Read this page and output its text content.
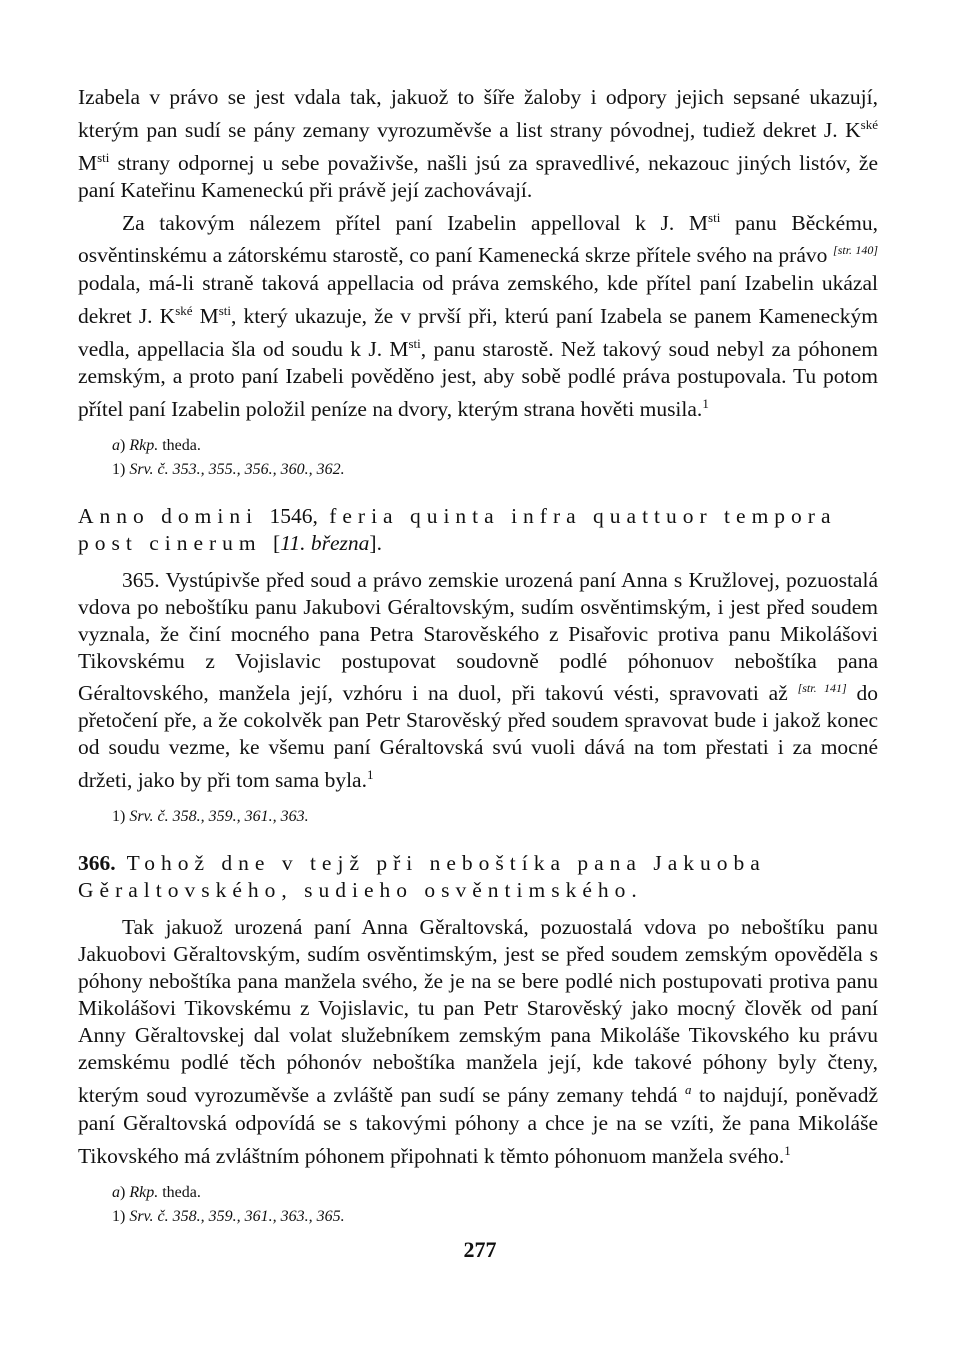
Izabela v právo se jest vdala tak, jakuož to šíře žaloby i odpory jejich sepsané ukazují, kterým pan sudí se pány zemany vyrozuměvše a list strany póvodnej, tudiež dekret J. $K^{ské}$ $M^{sti}$ strany odpornej u sebe považivše, našli jsú za spravedlivé, nekazouc jiných listóv, že paní Kateřinu Kameneckú při právě její zachovávají.

Za takovým nálezem přítel paní Izabelin appelloval k J. $M^{sti}$ panu Běckému, osvěntinskému a zátorskému starostě, co paní Kamenecká skrze přítele svého na právo [str. 140] podala, má-li straně taková appellacia od práva zemského, kde přítel paní Izabelin ukázal dekret J. $K^{ské}$ $M^{sti}$, který ukazuje, že v prvší při, kterú paní Izabela se panem Kameneckým vedla, appellacia šla od soudu k J. $M^{sti}$, panu starostě. Než takový soud nebyl za póhonem zemským, a proto paní Izabeli pověděno jest, aby sobě podlé práva postupovala. Tu potom přítel paní Izabelin položil peníze na dvory, kterým strana hověti musila.$^1$

a) Rkp. theda.
1) Srv. č. 353., 355., 356., 360., 362.

Anno domini 1546, feria quinta infra quattuor tempora post cinerum [11. března].

365. Vystúpivše před soud a právo zemskie urozená paní Anna s Kružlovej, pozuostalá vdova po neboštíku panu Jakubovi Géraltovským, sudím osvěntimským, i jest před soudem vyznala, že činí mocného pana Petra Starověského z Pisařovic protiva panu Mikolášovi Tikovskému z Vojislavic postupovat soudovně podlé póhonuov neboštíka pana Géraltovského, manžela její, vzhóru i na duol, při takovú vésti, spravovati až [str. 141] do přetočení pře, a že cokolvěk pan Petr Starověský před soudem spravovat bude i jakož konec od soudu vezme, ke všemu paní Géraltovská svú vuoli dává na tom přestati i za mocné držeti, jako by při tom sama byla.$^1$

1) Srv. č. 358., 359., 361., 363.

366. Tohož dne v tejž při neboštíka pana Jakuoba Gěraltovského, sudieho osvěntimského.

Tak jakuož urozená paní Anna Gěraltovská, pozuostalá vdova po neboštíku panu Jakuobovi Gěraltovským, sudím osvěntimským, jest se před soudem zemským opověděla s póhony neboštíka pana manžela svého, že je na se bere podlé nich postupovati protiva panu Mikolášovi Tikovskému z Vojislavic, tu pan Petr Starověský jako mocný člověk od paní Anny Gěraltovskej dal volat služebníkem zemským pana Mikoláše Tikovského ku právu zemskému podlé těch póhonóv neboštíka manžela její, kde takové póhony byly čteny, kterým soud vyrozuměvše a zvláště pan sudí se pány zemany tehdá $^a$ to najdují, poněvadž paní Gěraltovská odpovídá se s takovými póhony a chce je na se vzíti, že pana Mikoláše Tikovského má zvláštním póhonem připohnati k těmto póhonuom manžela svého.$^1$

a) Rkp. theda.
1) Srv. č. 358., 359., 361., 363., 365.
277
